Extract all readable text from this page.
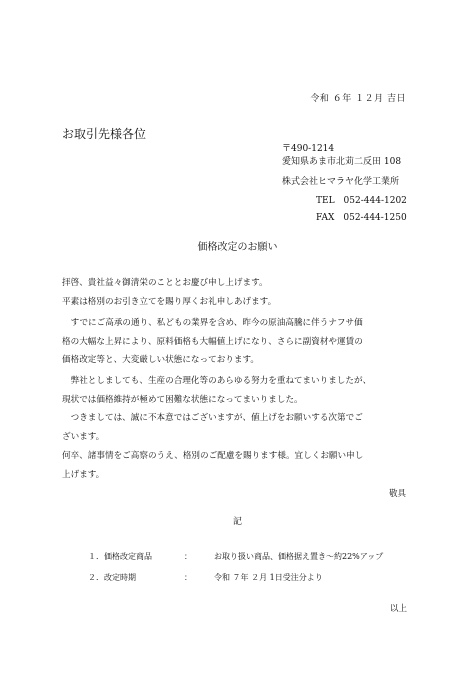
令和 ６年 １２月 吉日
お取引先様各位
〒490-1214
愛知県あま市北苅二反田 108
株式会社ヒマラヤ化学工業所
TEL　052-444-1202
FAX　052-444-1250
価格改定のお願い
拝啓、貴社益々御清栄のこととお慶び申し上げます。
平素は格別のお引き立てを賜り厚くお礼申しあげます。
　すでにご高承の通り、私どもの業界を含め、昨今の原油高騰に伴うナフサ価
格の大幅な上昇により、原料価格も大幅値上げになり、さらに副資材や運賃の
価格改定等と、大変厳しい状態になっております。
　弊社としましても、生産の合理化等のあらゆる努力を重ねてまいりましたが、
現状では価格維持が極めて困難な状態になってまいりました。
　つきましては、誠に不本意ではございますが、値上げをお願いする次第でご
ざいます。
何卒、諸事情をご高察のうえ、格別のご配慮を賜ります様。宜しくお願い申し
上げます。
敬具
記
１．価格改定商品	：	お取り扱い商品、価格据え置き～約22%アップ
２．改定時期	：	令和 ７年 ２月 1日受注分より
以上
